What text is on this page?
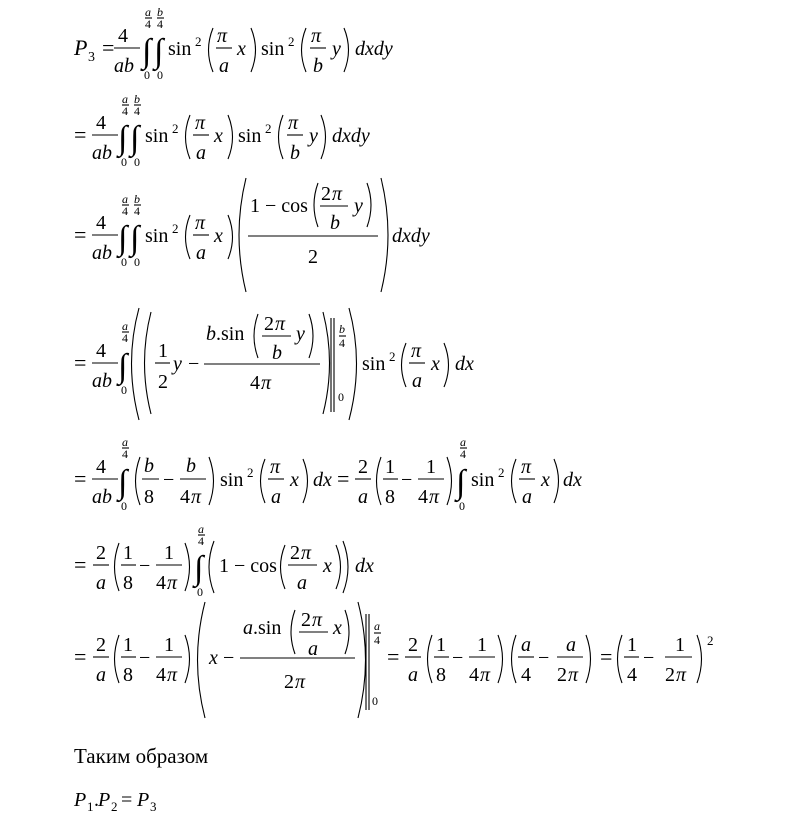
P 3 = 4
ab ∫ ∫
a
4
b
4
0 0
sin 2 π
a
x sin 2 π
b
y dxdy
= 4
ab ∫ ∫
a
4
b
4
0 0
sin 2 π
a
x sin 2 π
b
y dxdy
= 4
ab ∫ ∫
a
4
b
4
0 0
sin 2 π
a
x
1 − cos
2 π
b
y
2
dxdy
= 4
ab ∫
a
4
0
1
2
y −
b .sin 2 π
b
y
4 π
b
4
0
sin 2 π
a
x dx
= 4
ab ∫
a
4
0
b
8
−
b
4 π
sin 2 π
a
x dx = 2
a
1
8
−
1
4 π ∫
a
4
0
sin 2 π
a
x dx
= 2
a
1
8
−
1
4 π ∫
a
4
0
1 − cos
2 π
a
x dx
= 2
a
1
8
−
1
4 π
x −
a .sin 2 π
a
x
2 π
a
4
0
= 2
a
1
8
−
1
4 π
a
4
−
a
2 π
= 1
4
−
1
2 π
2
P 1 . P 2 = P 3
Таким образом
